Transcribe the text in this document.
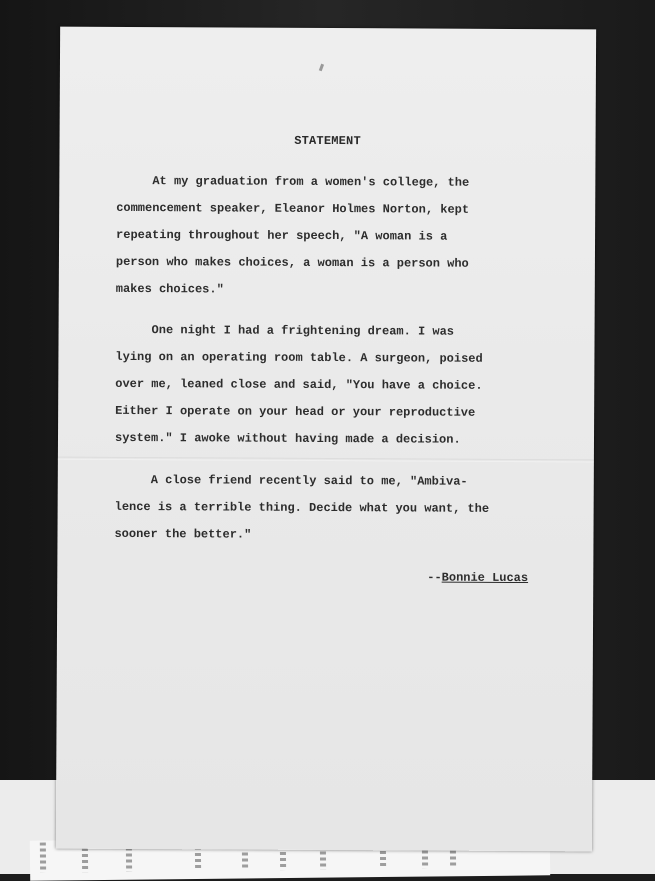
STATEMENT

At my graduation from a women's college, the
commencement speaker, Eleanor Holmes Norton, kept
repeating throughout her speech, "A woman is a
person who makes choices, a woman is a person who
makes choices."

One night I had a frightening dream. I was
lying on an operating room table. A surgeon, poised
over me, leaned close and said, "You have a choice.
Either I operate on your head or your reproductive
system." I awoke without having made a decision.

A close friend recently said to me, "Ambiva-
lence is a terrible thing. Decide what you want, the
sooner the better."

--Bonnie Lucas
